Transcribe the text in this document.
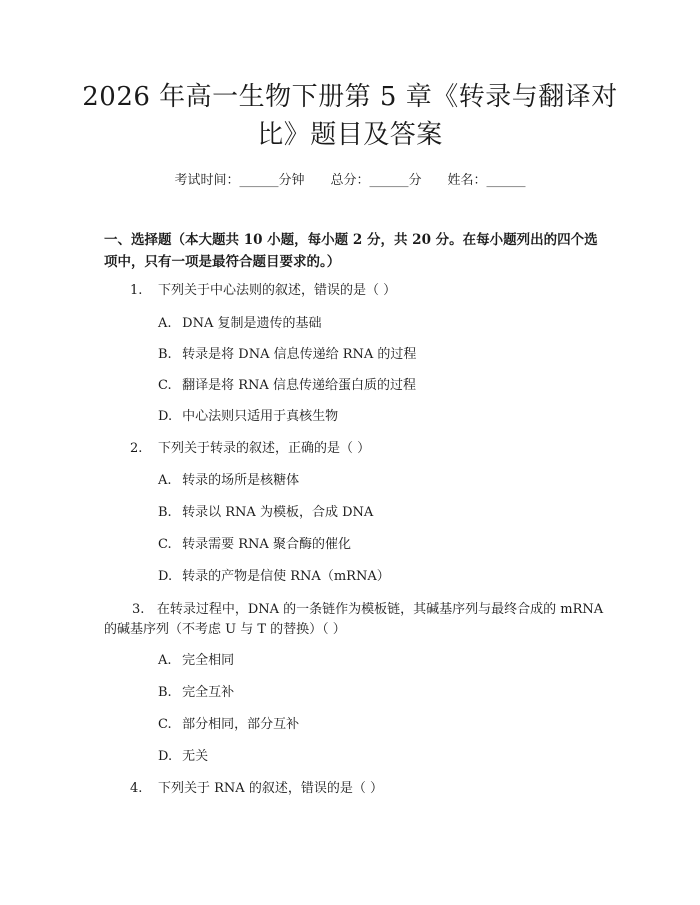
2026 年高一生物下册第 5 章《转录与翻译对
比》题目及答案
考试时间：______分钟 总分：______分 姓名：______
一、选择题（本大题共 10 小题，每小题 2 分，共 20 分。在每小题列出的四个选项中，只有一项是最符合题目要求的。）
1. 下列关于中心法则的叙述，错误的是（ ）
A. DNA 复制是遗传的基础
B. 转录是将 DNA 信息传递给 RNA 的过程
C. 翻译是将 RNA 信息传递给蛋白质的过程
D. 中心法则只适用于真核生物
2. 下列关于转录的叙述，正确的是（ ）
A. 转录的场所是核糖体
B. 转录以 RNA 为模板，合成 DNA
C. 转录需要 RNA 聚合酶的催化
D. 转录的产物是信使 RNA（mRNA）
3. 在转录过程中，DNA 的一条链作为模板链，其碱基序列与最终合成的 mRNA 的碱基序列（不考虑 U 与 T 的替换）（ ）
A. 完全相同
B. 完全互补
C. 部分相同，部分互补
D. 无关
4. 下列关于 RNA 的叙述，错误的是（ ）
